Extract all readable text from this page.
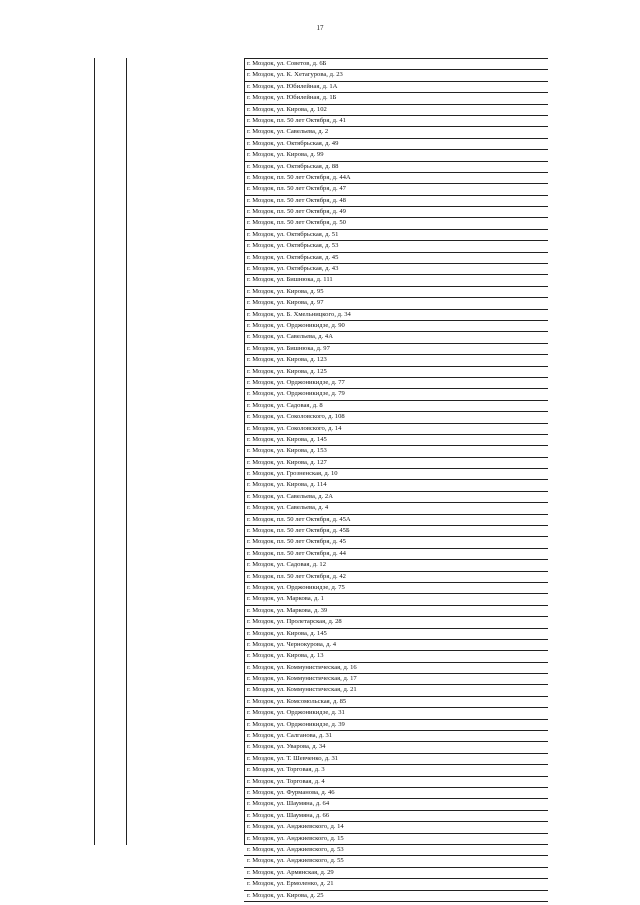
17
г. Моздок, ул. Советов, д. 6Б
г. Моздок, ул. К. Хетагурова, д. 23
г. Моздок, ул. Юбилейная, д. 1А
г. Моздок, ул. Юбилейная, д. 1Б
г. Моздок, ул. Кирова, д. 102
г. Моздок, пл. 50 лет Октября, д. 41
г. Моздок, ул. Савельева, д. 2
г. Моздок, ул. Октябрьская, д. 49
г. Моздок, ул. Кирова, д. 99
г. Моздок, ул. Октябрьская, д. 88
г. Моздок, пл. 50 лет Октября, д. 44А
г. Моздок, пл. 50 лет Октября, д. 47
г. Моздок, пл. 50 лет Октября, д. 48
г. Моздок, пл. 50 лет Октября, д. 49
г. Моздок, пл. 50 лет Октября, д. 50
г. Моздок, ул. Октябрьская, д. 51
г. Моздок, ул. Октябрьская, д. 53
г. Моздок, ул. Октябрьская, д. 45
г. Моздок, ул. Октябрьская, д. 43
г. Моздок, ул. Бишнюка, д. 111
г. Моздок, ул. Кирова, д. 95
г. Моздок, ул. Кирова, д. 97
г. Моздок, ул. Б. Хмельницкого, д. 34
г. Моздок, ул. Орджоникидзе, д. 90
г. Моздок, ул. Савельева, д. 4А
г. Моздок, ул. Бишнюка, д. 97
г. Моздок, ул. Кирова, д. 123
г. Моздок, ул. Кирова, д. 125
г. Моздок, ул. Орджоникидзе, д. 77
г. Моздок, ул. Орджоникидзе, д. 79
г. Моздок, ул. Садовая, д. 8
г. Моздок, ул. Соколовского, д. 108
г. Моздок, ул. Соколовского, д. 14
г. Моздок, ул. Кирова, д. 145
г. Моздок, ул. Кирова, д. 153
г. Моздок, ул. Кирова, д. 127
г. Моздок, ул. Грозненская, д. 10
г. Моздок, ул. Кирова, д. 114
г. Моздок, ул. Савельева, д. 2А
г. Моздок, ул. Савельева, д. 4
г. Моздок, пл. 50 лет Октября, д. 45А
г. Моздок, пл. 50 лет Октября, д. 45Б
г. Моздок, пл. 50 лет Октября, д. 45
г. Моздок, пл. 50 лет Октября, д. 44
г. Моздок, ул. Садовая, д. 12
г. Моздок, пл. 50 лет Октября, д. 42
г. Моздок, ул. Орджоникидзе, д. 75
г. Моздок, ул. Маркова, д. 1
г. Моздок, ул. Маркова, д. 39
г. Моздок, ул. Пролетарская, д. 28
г. Моздок, ул. Кирова, д. 145
г. Моздок, ул. Чернокурова, д. 4
г. Моздок, ул. Кирова, д. 13
г. Моздок, ул. Коммунистическая, д. 16
г. Моздок, ул. Коммунистическая, д. 17
г. Моздок, ул. Коммунистическая, д. 21
г. Моздок, ул. Комсомольская, д. 85
г. Моздок, ул. Орджоникидзе, д. 31
г. Моздок, ул. Орджоникидзе, д. 39
г. Моздок, ул. Салганова, д. 31
г. Моздок, ул. Уварова, д. 34
г. Моздок, ул. Т. Шевченко, д. 31
г. Моздок, ул. Торговая, д. 3
г. Моздок, ул. Торговая, д. 4
г. Моздок, ул. Фурманова, д. 46
г. Моздок, ул. Шаумяна, д. 64
г. Моздок, ул. Шаумяна, д. 66
г. Моздок, ул. Анджиевского, д. 14
г. Моздок, ул. Анджиевского, д. 15
г. Моздок, ул. Анджиевского, д. 53
г. Моздок, ул. Анджиевского, д. 55
г. Моздок, ул. Армянская, д. 29
г. Моздок, ул. Ермоленко, д. 21
г. Моздок, ул. Кирова, д. 25
